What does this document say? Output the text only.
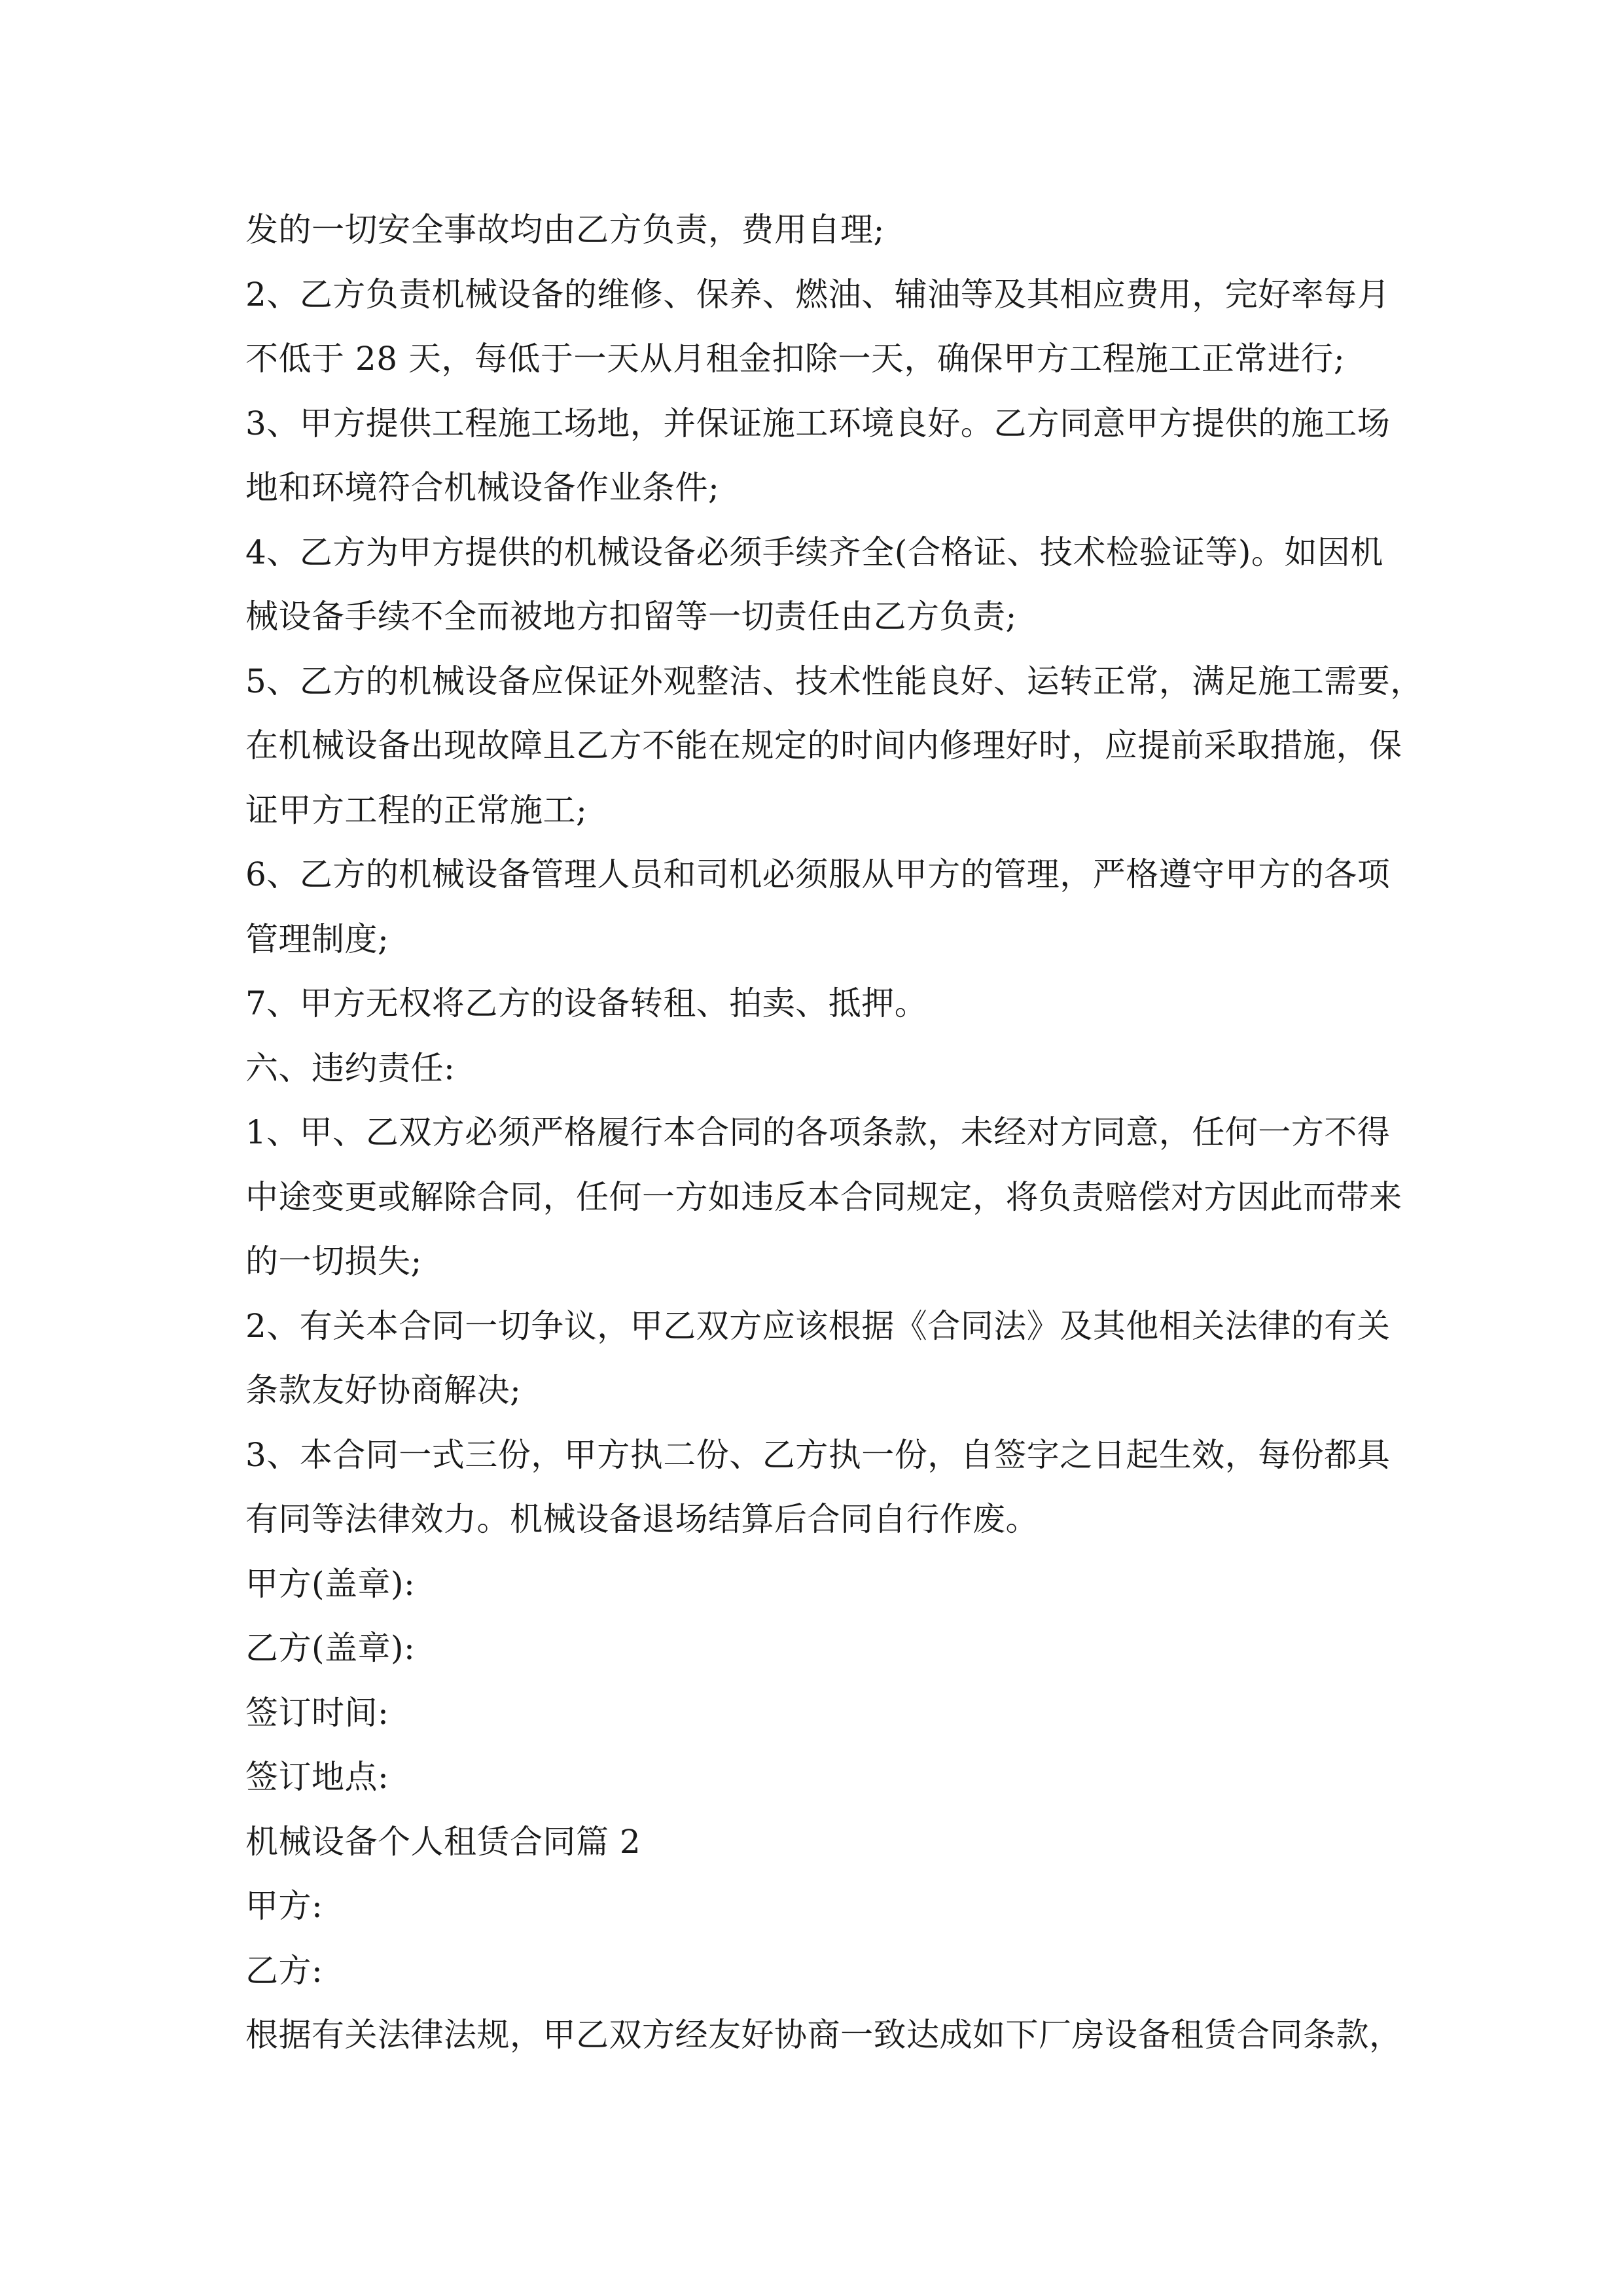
发的一切安全事故均由乙方负责，费用自理;
2、乙方负责机械设备的维修、保养、燃油、辅油等及其相应费用，完好率每月
不低于 28 天，每低于一天从月租金扣除一天，确保甲方工程施工正常进行;
3、甲方提供工程施工场地，并保证施工环境良好。乙方同意甲方提供的施工场
地和环境符合机械设备作业条件;
4、乙方为甲方提供的机械设备必须手续齐全(合格证、技术检验证等)。如因机
械设备手续不全而被地方扣留等一切责任由乙方负责;
5、乙方的机械设备应保证外观整洁、技术性能良好、运转正常，满足施工需要，
在机械设备出现故障且乙方不能在规定的时间内修理好时，应提前采取措施，保
证甲方工程的正常施工;
6、乙方的机械设备管理人员和司机必须服从甲方的管理，严格遵守甲方的各项
管理制度;
7、甲方无权将乙方的设备转租、拍卖、抵押。
六、违约责任:
1、甲、乙双方必须严格履行本合同的各项条款，未经对方同意，任何一方不得
中途变更或解除合同，任何一方如违反本合同规定，将负责赔偿对方因此而带来
的一切损失;
2、有关本合同一切争议，甲乙双方应该根据《合同法》及其他相关法律的有关
条款友好协商解决;
3、本合同一式三份，甲方执二份、乙方执一份，自签字之日起生效，每份都具
有同等法律效力。机械设备退场结算后合同自行作废。
甲方(盖章):
乙方(盖章):
签订时间:
签订地点:
机械设备个人租赁合同篇 2
甲方:
乙方:
根据有关法律法规，甲乙双方经友好协商一致达成如下厂房设备租赁合同条款，
